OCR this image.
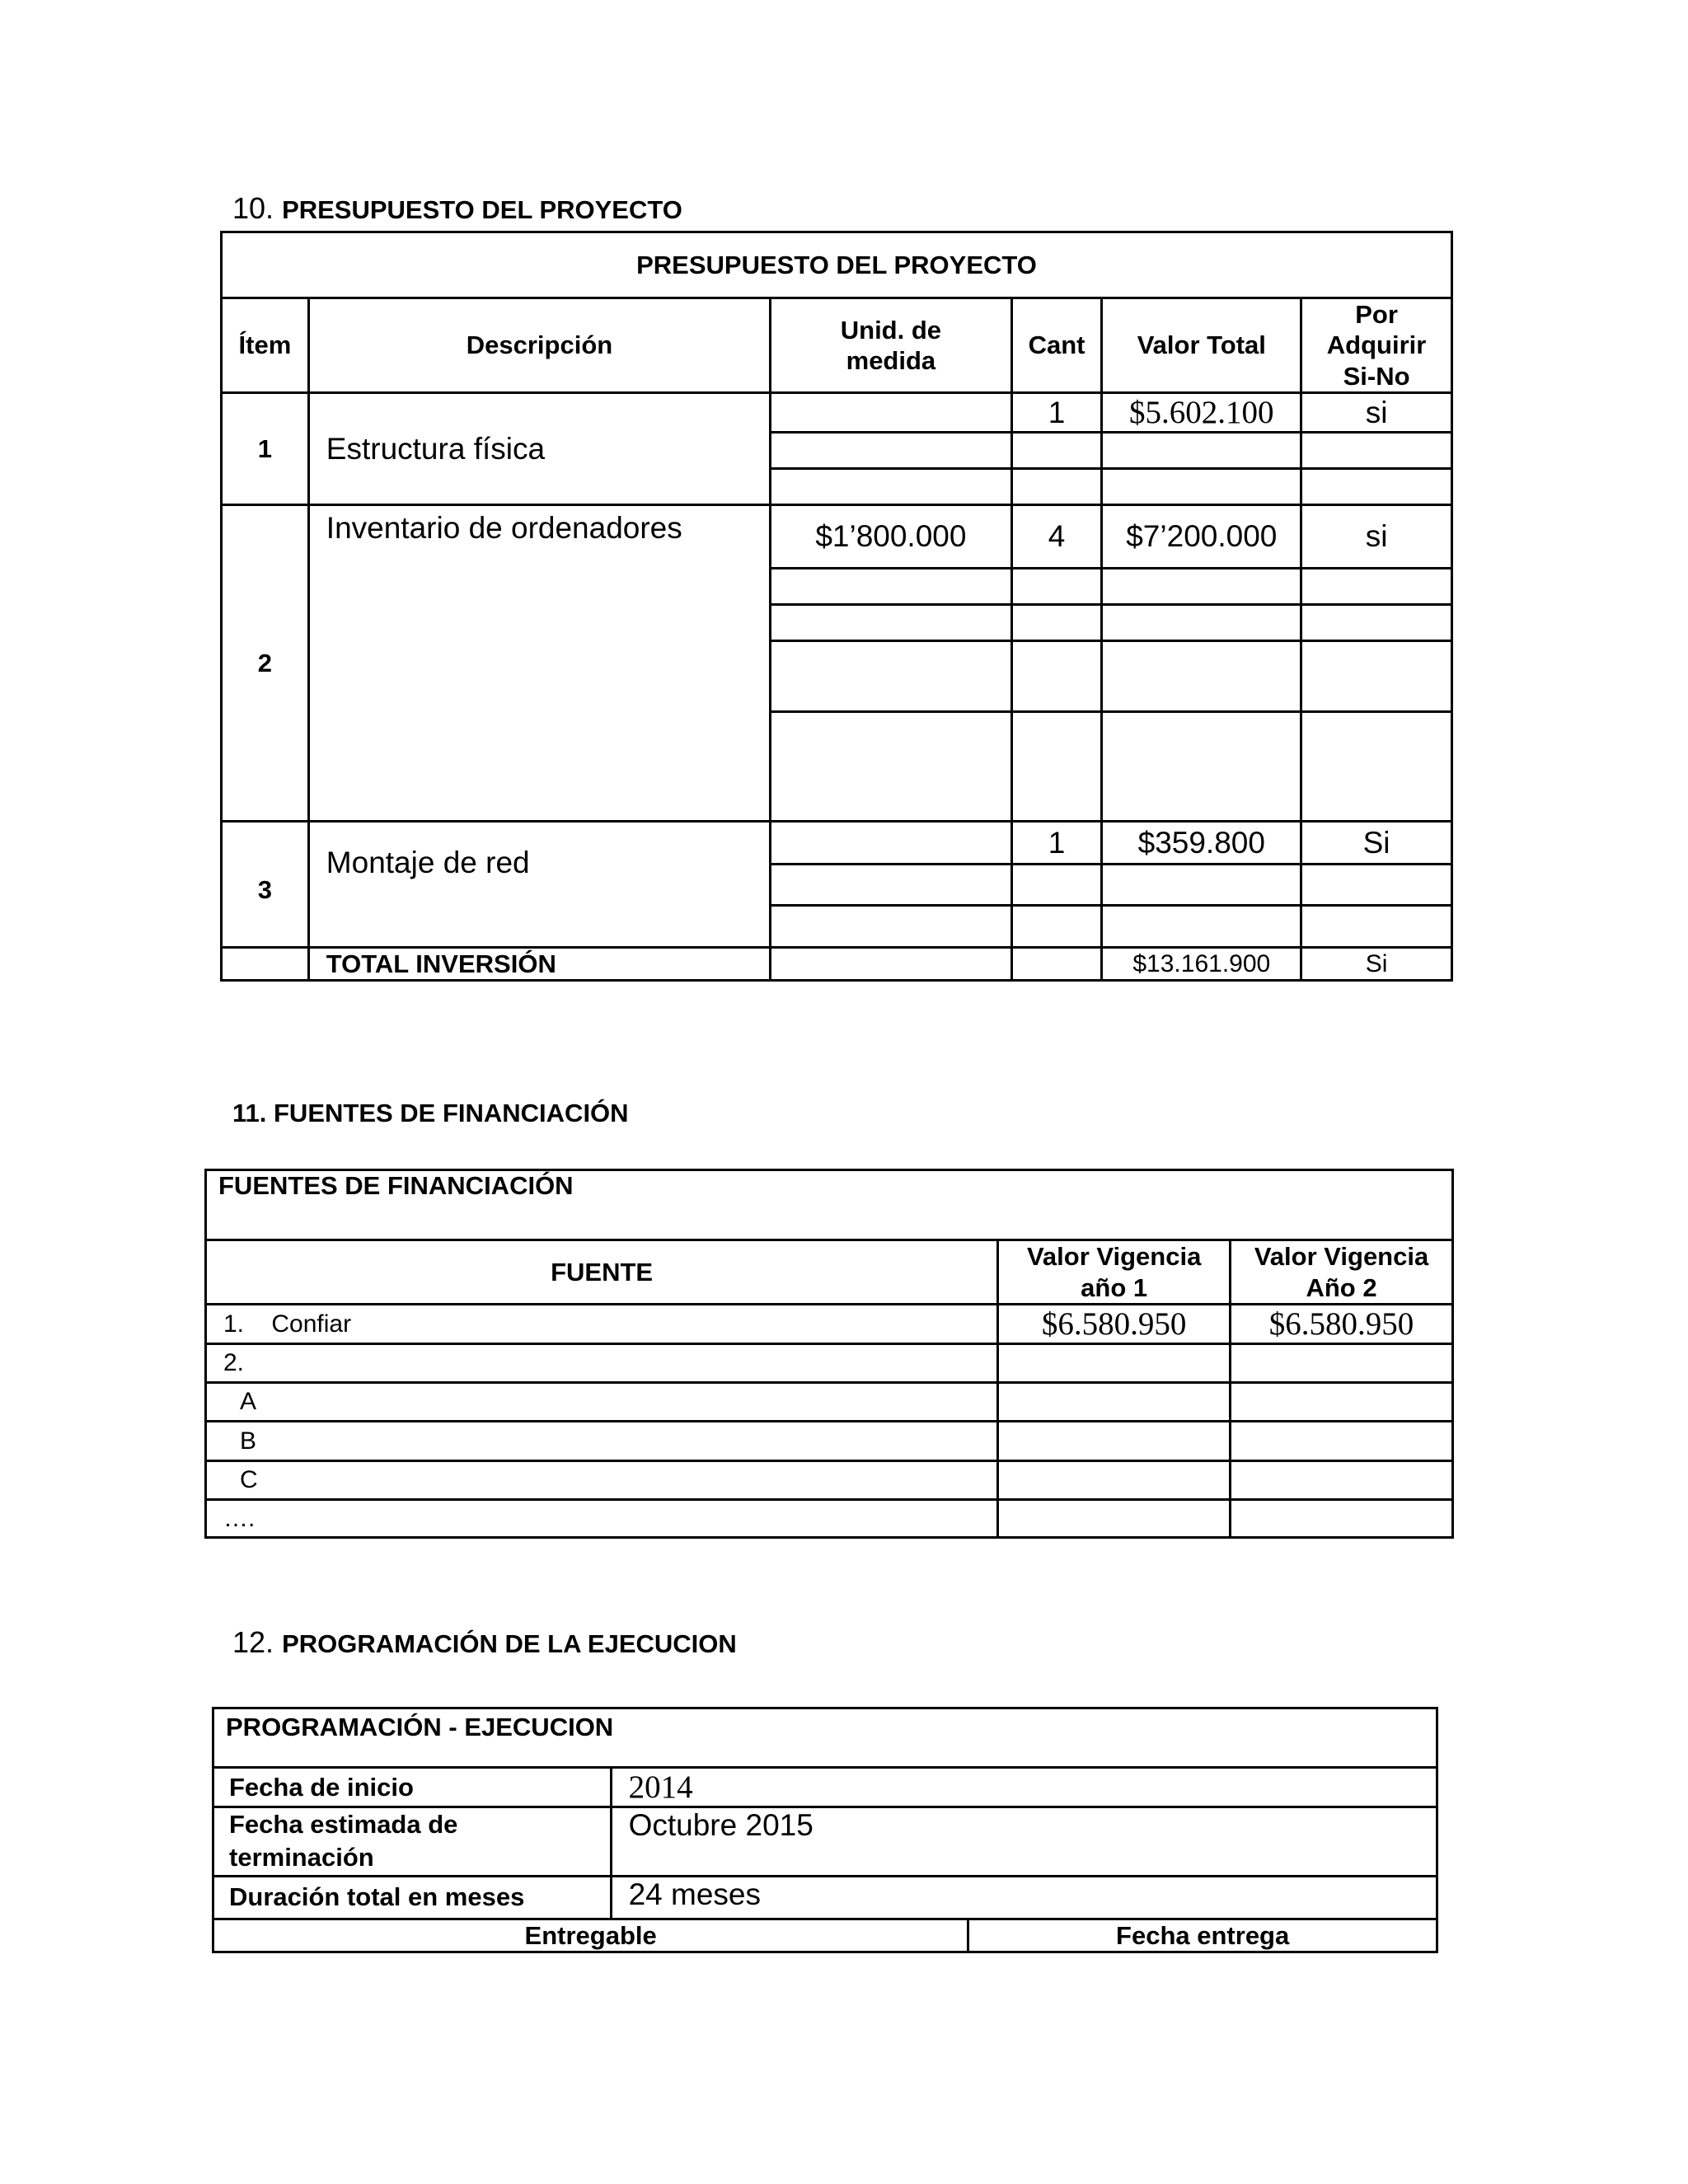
10. PRESUPUESTO DEL PROYECTO
PRESUPUESTO DEL PROYECTO					
Ítem	Descripción	Unid. de medida	Cant	Valor Total	Por Adquirir Si-No

1	Estructura física		1	$5.602.100	si

2	Inventario de ordenadores	$1’800.000	4	$7’200.000	si

3	Montaje de red		1	$359.800	Si

	TOTAL INVERSIÓN			$13.161.900	Si
11. FUENTES DE FINANCIACIÓN
FUENTES DE FINANCIACIÓN		
FUENTE	Valor Vigencia año 1	Valor Vigencia Año 2

1.    Confiar	$6.580.950	$6.580.950
2.		
A		
B		
C		
….		
12. PROGRAMACIÓN DE LA EJECUCION
PROGRAMACIÓN - EJECUCION		
Fecha de inicio	2014	

Fecha estimada de terminación	Octubre 2015	
Duración total en meses	24 meses	
Entregable		Fecha entrega
